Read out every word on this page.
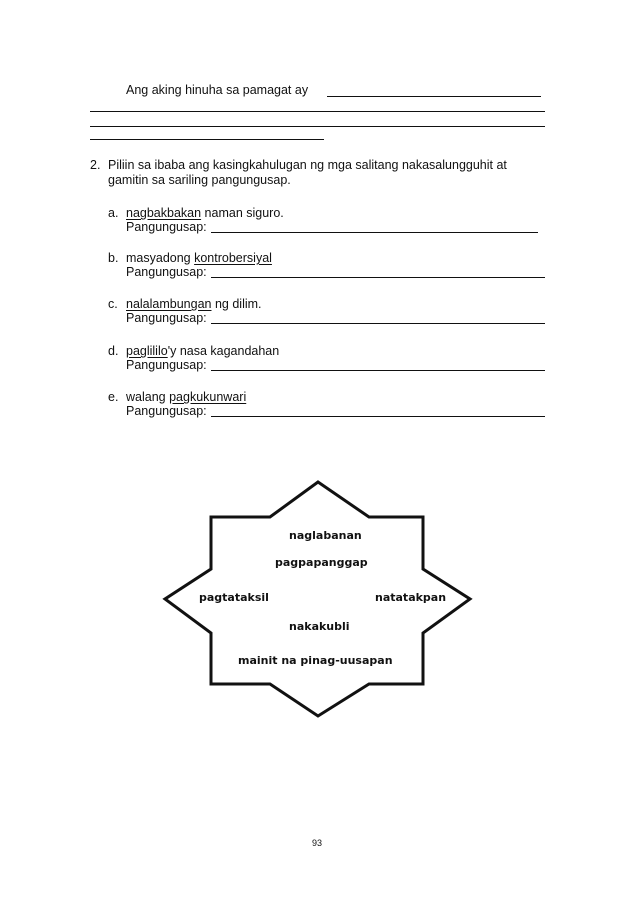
Ang aking hinuha sa pamagat ay
2. Piliin sa ibaba ang kasingkahulugan ng mga salitang nakasalungguhit at
gamitin sa sariling pangungusap.
a. nagbakbakan naman siguro.
Pangungusap:
b. masyadong kontrobersiyal
Pangungusap:
c. nalalambungan ng dilim.
Pangungusap:
d. paglililo'y nasa kagandahan
Pangungusap:
e. walang pagkukunwari
Pangungusap:
naglabanan
pagpapanggap
pagtataksil	natatakpan
nakakubli
mainit na pinag-uusapan
93
